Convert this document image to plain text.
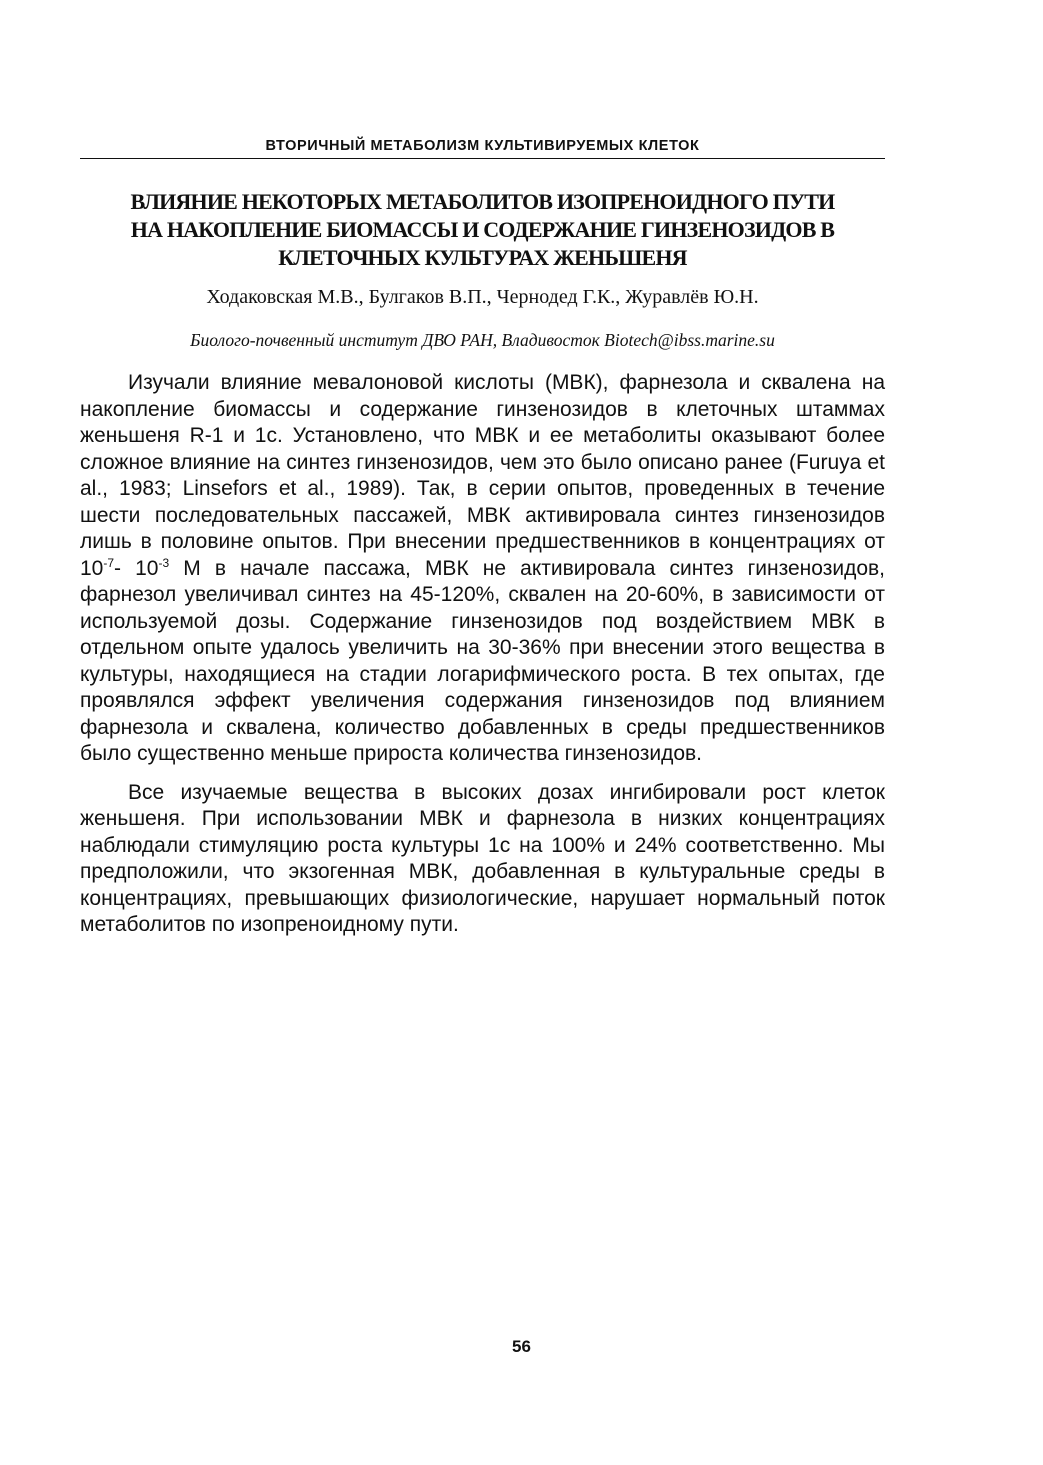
ВТОРИЧНЫЙ МЕТАБОЛИЗМ КУЛЬТИВИРУЕМЫХ КЛЕТОК
ВЛИЯНИЕ НЕКОТОРЫХ МЕТАБОЛИТОВ ИЗОПРЕНОИДНОГО ПУТИ
НА НАКОПЛЕНИЕ БИОМАССЫ И СОДЕРЖАНИЕ ГИНЗЕНОЗИДОВ В
КЛЕТОЧНЫХ КУЛЬТУРАХ ЖЕНЬШЕНЯ
Ходаковская М.В., Булгаков В.П., Чернодед Г.К., Журавлёв Ю.Н.
Биолого-почвенный институт ДВО РАН, Владивосток Biotech@ibss.marine.su

Изучали влияние мевалоновой кислоты (МВК), фарнезола и сквалена на накопление биомассы и содержание гинзенозидов в клеточных штаммах женьшеня R-1 и 1с. Установлено, что МВК и ее метаболиты оказывают более сложное влияние на синтез гинзенозидов, чем это было описано ранее (Furuya et al., 1983; Linsefors et al., 1989). Так, в серии опытов, проведенных в течение шести последовательных пассажей, МВК активировала синтез гинзенозидов лишь в половине опытов. При внесении предшественников в концентрациях от $10^{-7}-$ $10^{-3}$ М в начале пассажа, МВК не активировала синтез гинзенозидов, фарнезол увеличивал синтез на 45-120%, сквален на 20-60%, в зависимости от используемой дозы. Содержание гинзенозидов под воздействием МВК в отдельном опыте удалось увеличить на 30-36% при внесении этого вещества в культуры, находящиеся на стадии логарифмического роста. В тех опытах, где проявлялся эффект увеличения содержания гинзенозидов под влиянием фарнезола и сквалена, количество добавленных в среды предшественников было существенно меньше прироста количества гинзенозидов.

Все изучаемые вещества в высоких дозах ингибировали рост клеток женьшеня. При использовании МВК и фарнезола в низких концентрациях наблюдали стимуляцию роста культуры 1с на 100% и 24% соответственно. Мы предположили, что экзогенная МВК, добавленная в культуральные среды в концентрациях, превышающих физиологические, нарушает нормальный поток метаболитов по изопреноидному пути.

56
